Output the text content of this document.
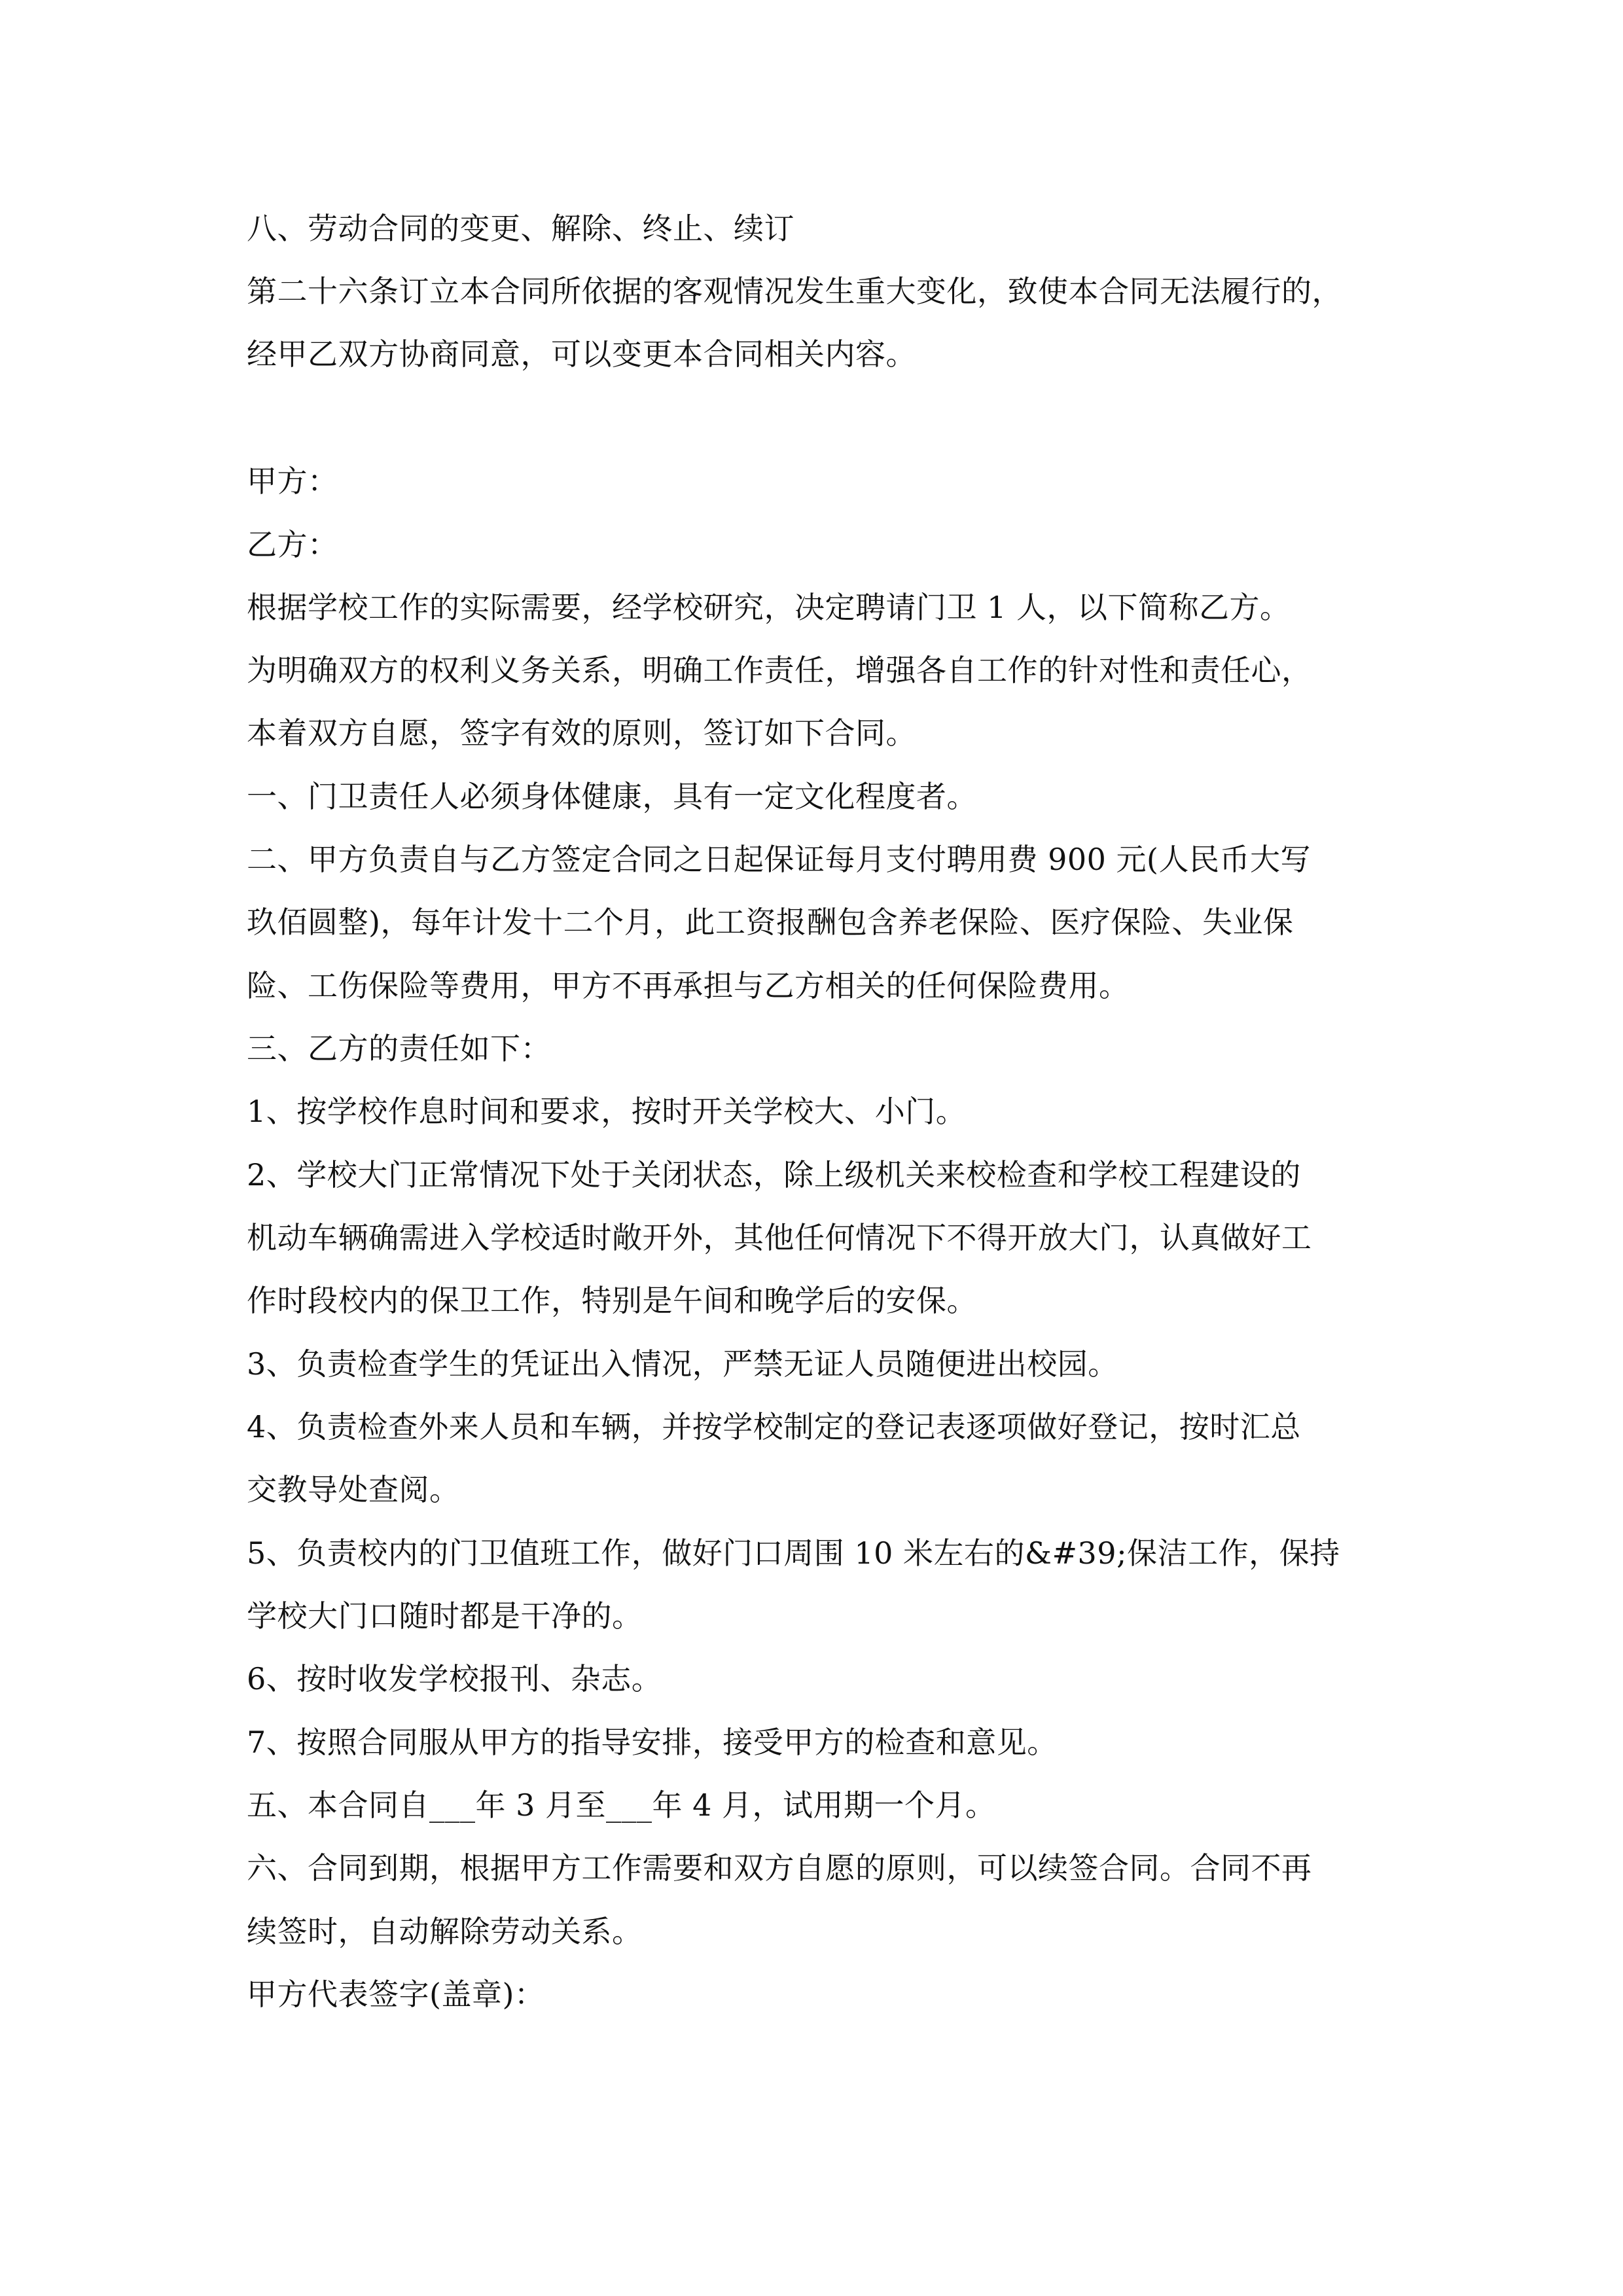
八、劳动合同的变更、解除、终止、续订

第二十六条订立本合同所依据的客观情况发生重大变化，致使本合同无法履行的，

经甲乙双方协商同意，可以变更本合同相关内容。

甲方：

乙方：

根据学校工作的实际需要，经学校研究，决定聘请门卫 1 人，以下简称乙方。

为明确双方的权利义务关系，明确工作责任，增强各自工作的针对性和责任心，

本着双方自愿，签字有效的原则，签订如下合同。

一、门卫责任人必须身体健康，具有一定文化程度者。

二、甲方负责自与乙方签定合同之日起保证每月支付聘用费 900 元(人民币大写

玖佰圆整)，每年计发十二个月，此工资报酬包含养老保险、医疗保险、失业保

险、工伤保险等费用，甲方不再承担与乙方相关的任何保险费用。

三、乙方的责任如下：

1、按学校作息时间和要求，按时开关学校大、小门。

2、学校大门正常情况下处于关闭状态，除上级机关来校检查和学校工程建设的

机动车辆确需进入学校适时敞开外，其他任何情况下不得开放大门，认真做好工

作时段校内的保卫工作，特别是午间和晚学后的安保。

3、负责检查学生的凭证出入情况，严禁无证人员随便进出校园。

4、负责检查外来人员和车辆，并按学校制定的登记表逐项做好登记，按时汇总

交教导处查阅。

5、负责校内的门卫值班工作，做好门口周围 10 米左右的&#39;保洁工作，保持

学校大门口随时都是干净的。

6、按时收发学校报刊、杂志。

7、按照合同服从甲方的指导安排，接受甲方的检查和意见。

五、本合同自___年 3 月至___年 4 月，试用期一个月。

六、合同到期，根据甲方工作需要和双方自愿的原则，可以续签合同。合同不再

续签时，自动解除劳动关系。

甲方代表签字(盖章)：
